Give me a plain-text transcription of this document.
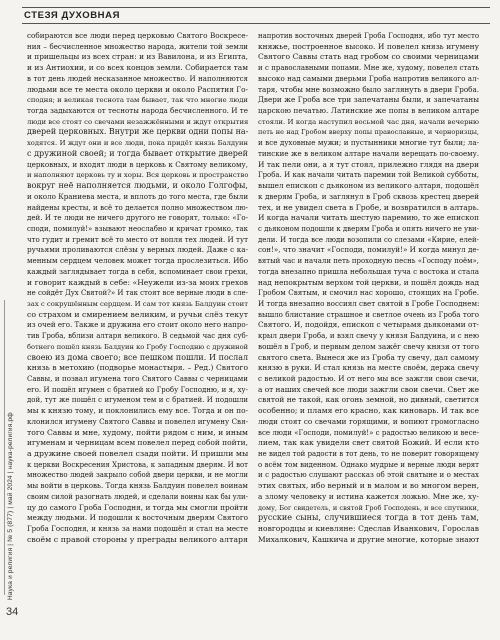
СТЕЗЯ ДУХОВНАЯ
Наука и религия | № 5 (877) | май 2024 | наука-религия.рф
34

собираются все люди перед церковью Святого Воскресе-

ния – бесчисленное множество народа, жители той земли

и пришельцы из всех стран: и из Вавилона, и из Египта,

и из Антиохии, и со всех концов земли. Собирается там

в тот день людей несказанное множество. И наполняются

людьми все те места около церкви и около Распятия Го-

сподня; и великая теснота там бывает, так что многие люди

тогда задыхаются от тесноты народа бесчисленного. И те

люди все стоят со свечами незажжёнными и ждут открытия

дверей церковных. Внутри же церкви одни попы на-

ходятся. И ждут они и все люди, пока придёт князь Балдуин

с дружиной своей; и тогда бывает открытие дверей

церковных, и входят люди в церковь к Святому великому,

и наполняют церковь ту и хоры. Вся церковь и пространство

вокруг неё наполняется людьми, и около Голгофы,

и около Краниева места, и вплоть до того места, где были

найдены кресты, и всё то делается полно множеством лю-

дей. И те люди не ничего другого не говорят, только: «Го-

споди, помилуй!» взывают неослабно и кричат громко, так

что гудит и гремит всё то место от вопля тех людей. И тут

ручьями проливаются слёзы у верных людей. Даже с ка-

менным сердцем человек может тогда прослезиться. Ибо

каждый заглядывает тогда в себя, вспоминает свои грехи,

и говорит каждый в себе: «Неужели из-за моих грехов

не сойдёт Дух Святой?» И так стоят все верные люди в сле-

зах с сокрушённым сердцем. И сам тот князь Балдуин стоит

со страхом и смирением великим, и ручьи слёз текут

из очей его. Также и дружина его стоит около него напро-

тив Гроба, вблизи алтаря великого. В седьмой час дня суб-

ботнего пошёл князь Балдуин ко Гробу Господню с дружиной

своею из дома своего; все пешком пошли. И послал

князь в метохию (подворье монастыря. – Ред.) Святого

Саввы, и позвал игумена того Святого Саввы с черницами

его. И пошёл игумен с братией ко Гробу Господню, и я, ху-

дой, тут же пошёл с игуменом тем и с братией. И подошли

мы к князю тому, и поклонились ему все. Тогда и он по-

клонился игумену Святого Саввы и повелел игумену Свя-

того Саввы и мне, худому, пойти рядом с ним, и иным

игуменам и черницам всем повелел перед собой пойти,

а дружине своей повелел сзади пойти. И пришли мы

к церкви Воскресения Христова, к западным дверям. И вот

множество людей закрыло собой двери церкви, и не могли

мы войти в церковь. Тогда князь Балдуин повелел воинам

своим силой разогнать людей, и сделали воины как бы ули-

цу до самого Гроба Господня, и тогда мы смогли пройти

между людьми. И подошли к восточным дверям Святого

Гроба Господня, и князь за нами подошёл и стал на месте

своём с правой стороны у преграды великого алтаря

напротив восточных дверей Гроба Господня, ибо тут место

княжье, построенное высоко. И повелел князь игумену

Святого Саввы стать над гробом со своими черницами

и с православными попами. Мне же, худому, повелел стать

высоко над самыми дверьми Гроба напротив великого ал-

таря, чтобы мне возможно было заглянуть в двери Гроба.

Двери же Гроба все три запечатаны были, и запечатаны

царскою печатью. Латинские же попы в великом алтаре

стояли. И когда наступил восьмой час дня, начали вечерню

петь не над Гробом вверху попы православные, и черноризцы,

и все духовные мужи; и пустынники многие тут были; ла-

тинские же в великом алтаре начали верещать по-своему.

И так пели они, а я тут стоял, прилежно глядя на двери

Гроба. И как начали читать паремии той Великой субботы,

вышел епископ с дьяконом из великого алтаря, подошёл

к дверям Гроба, и заглянул в Гроб сквозь крестец дверей

тех, и не увидел света в Гробе, и возвратился в алтарь.

И когда начали читать шестую паремию, то же епископ

с дьяконом подошли к дверям Гроба и опять ничего не уви-

дели. И тогда все люди возопили со слезами «Кирие, елей-

сон!», что значит «Господи, помилуй!» И когда минул де-

вятый час и начали петь проходную песнь «Господу поём»,

тогда внезапно пришла небольшая туча с востока и стала

над непокрытым верхом той церкви, и пошёл дождь над

Гробом Святым, и смочил нас хорошо, стоящих на Гробе.

И тогда внезапно воссиял свет святой в Гробе Господнем:

вышло блистание страшное и светлое очень из Гроба того

Святого. И, подойдя, епископ с четырьмя дьяконами от-

крыл двери Гроба, и взял свечу у князя Балдуина, и с нею

вошёл в Гроб, и первым делом зажёг свечу князя от того

святого света. Вынеся же из Гроба ту свечу, дал самому

князю в руки. И стал князь на месте своём, держа свечу

с великой радостью. И от него мы все зажгли свои свечи,

а от наших свечей все люди зажгли свои свечи. Свет же

святой не такой, как огонь земной, но дивный, светится

особенно; и пламя его красно, как киноварь. И так все

люди стоят со свечами горящими, и вопиют громогласно

все люди «Господи, помилуй!» с радостью великою и весе-

лием, так как увидели свет святой Божий. И если кто

не видел той радости в тот день, то не поверит говорящему

о всём том виденном. Однако мудрые и верные люди верят

и с радостью слушают рассказ об этой святыне и о местах

этих святых, ибо верный и в малом и во многом верен,

а злому человеку и истина кажется ложью. Мне же, ху-

дому, Бог свидетель, и святой Гроб Господень, и все спутники,

русские сыны, случившиеся тогда в тот день там,

новгородцы и киевляне: Сдеслав Иванкович, Горослав

Михалкович, Кашкича и другие многие, которые знают
